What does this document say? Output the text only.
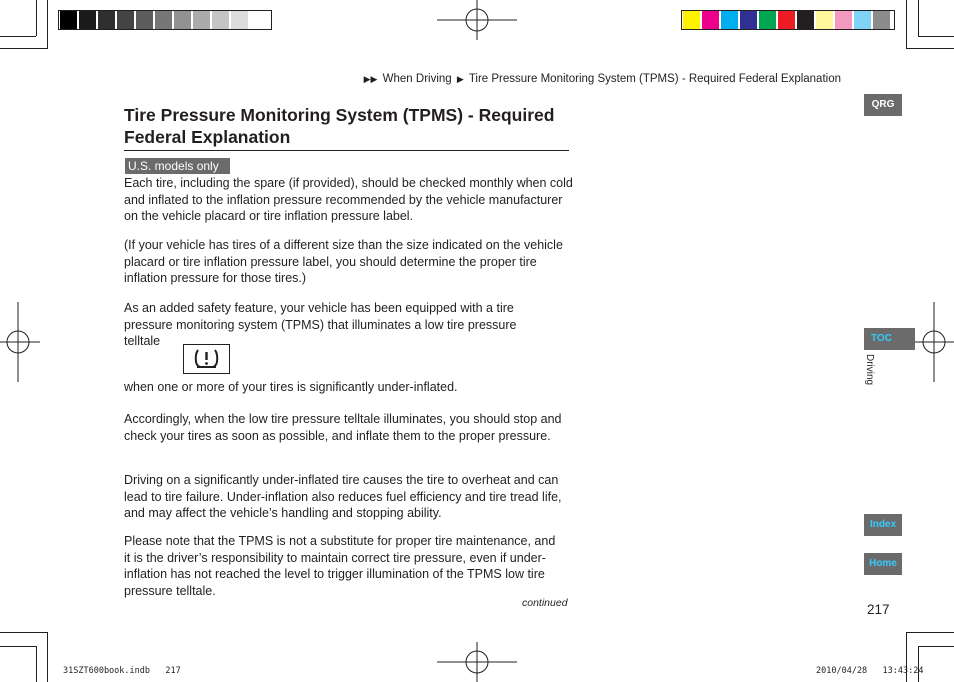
▶▶ When Driving ▶ Tire Pressure Monitoring System (TPMS) - Required Federal Explanation
Tire Pressure Monitoring System (TPMS) - Required Federal Explanation
U.S. models only
Each tire, including the spare (if provided), should be checked monthly when cold and inflated to the inflation pressure recommended by the vehicle manufacturer on the vehicle placard or tire inflation pressure label.
(If your vehicle has tires of a different size than the size indicated on the vehicle placard or tire inflation pressure label, you should determine the proper tire inflation pressure for those tires.)
As an added safety feature, your vehicle has been equipped with a tire pressure monitoring system (TPMS) that illuminates a low tire pressure telltale
when one or more of your tires is significantly under-inflated.
Accordingly, when the low tire pressure telltale illuminates, you should stop and check your tires as soon as possible, and inflate them to the proper pressure.
Driving on a significantly under-inflated tire causes the tire to overheat and can lead to tire failure. Under-inflation also reduces fuel efficiency and tire tread life, and may affect the vehicle’s handling and stopping ability.
Please note that the TPMS is not a substitute for proper tire maintenance, and it is the driver’s responsibility to maintain correct tire pressure, even if under-inflation has not reached the level to trigger illumination of the TPMS low tire pressure telltale.
continued
QRG
TOC
Driving
Index
Home
217
31SZT600book.indb   217	2010/04/28   13:43:24
